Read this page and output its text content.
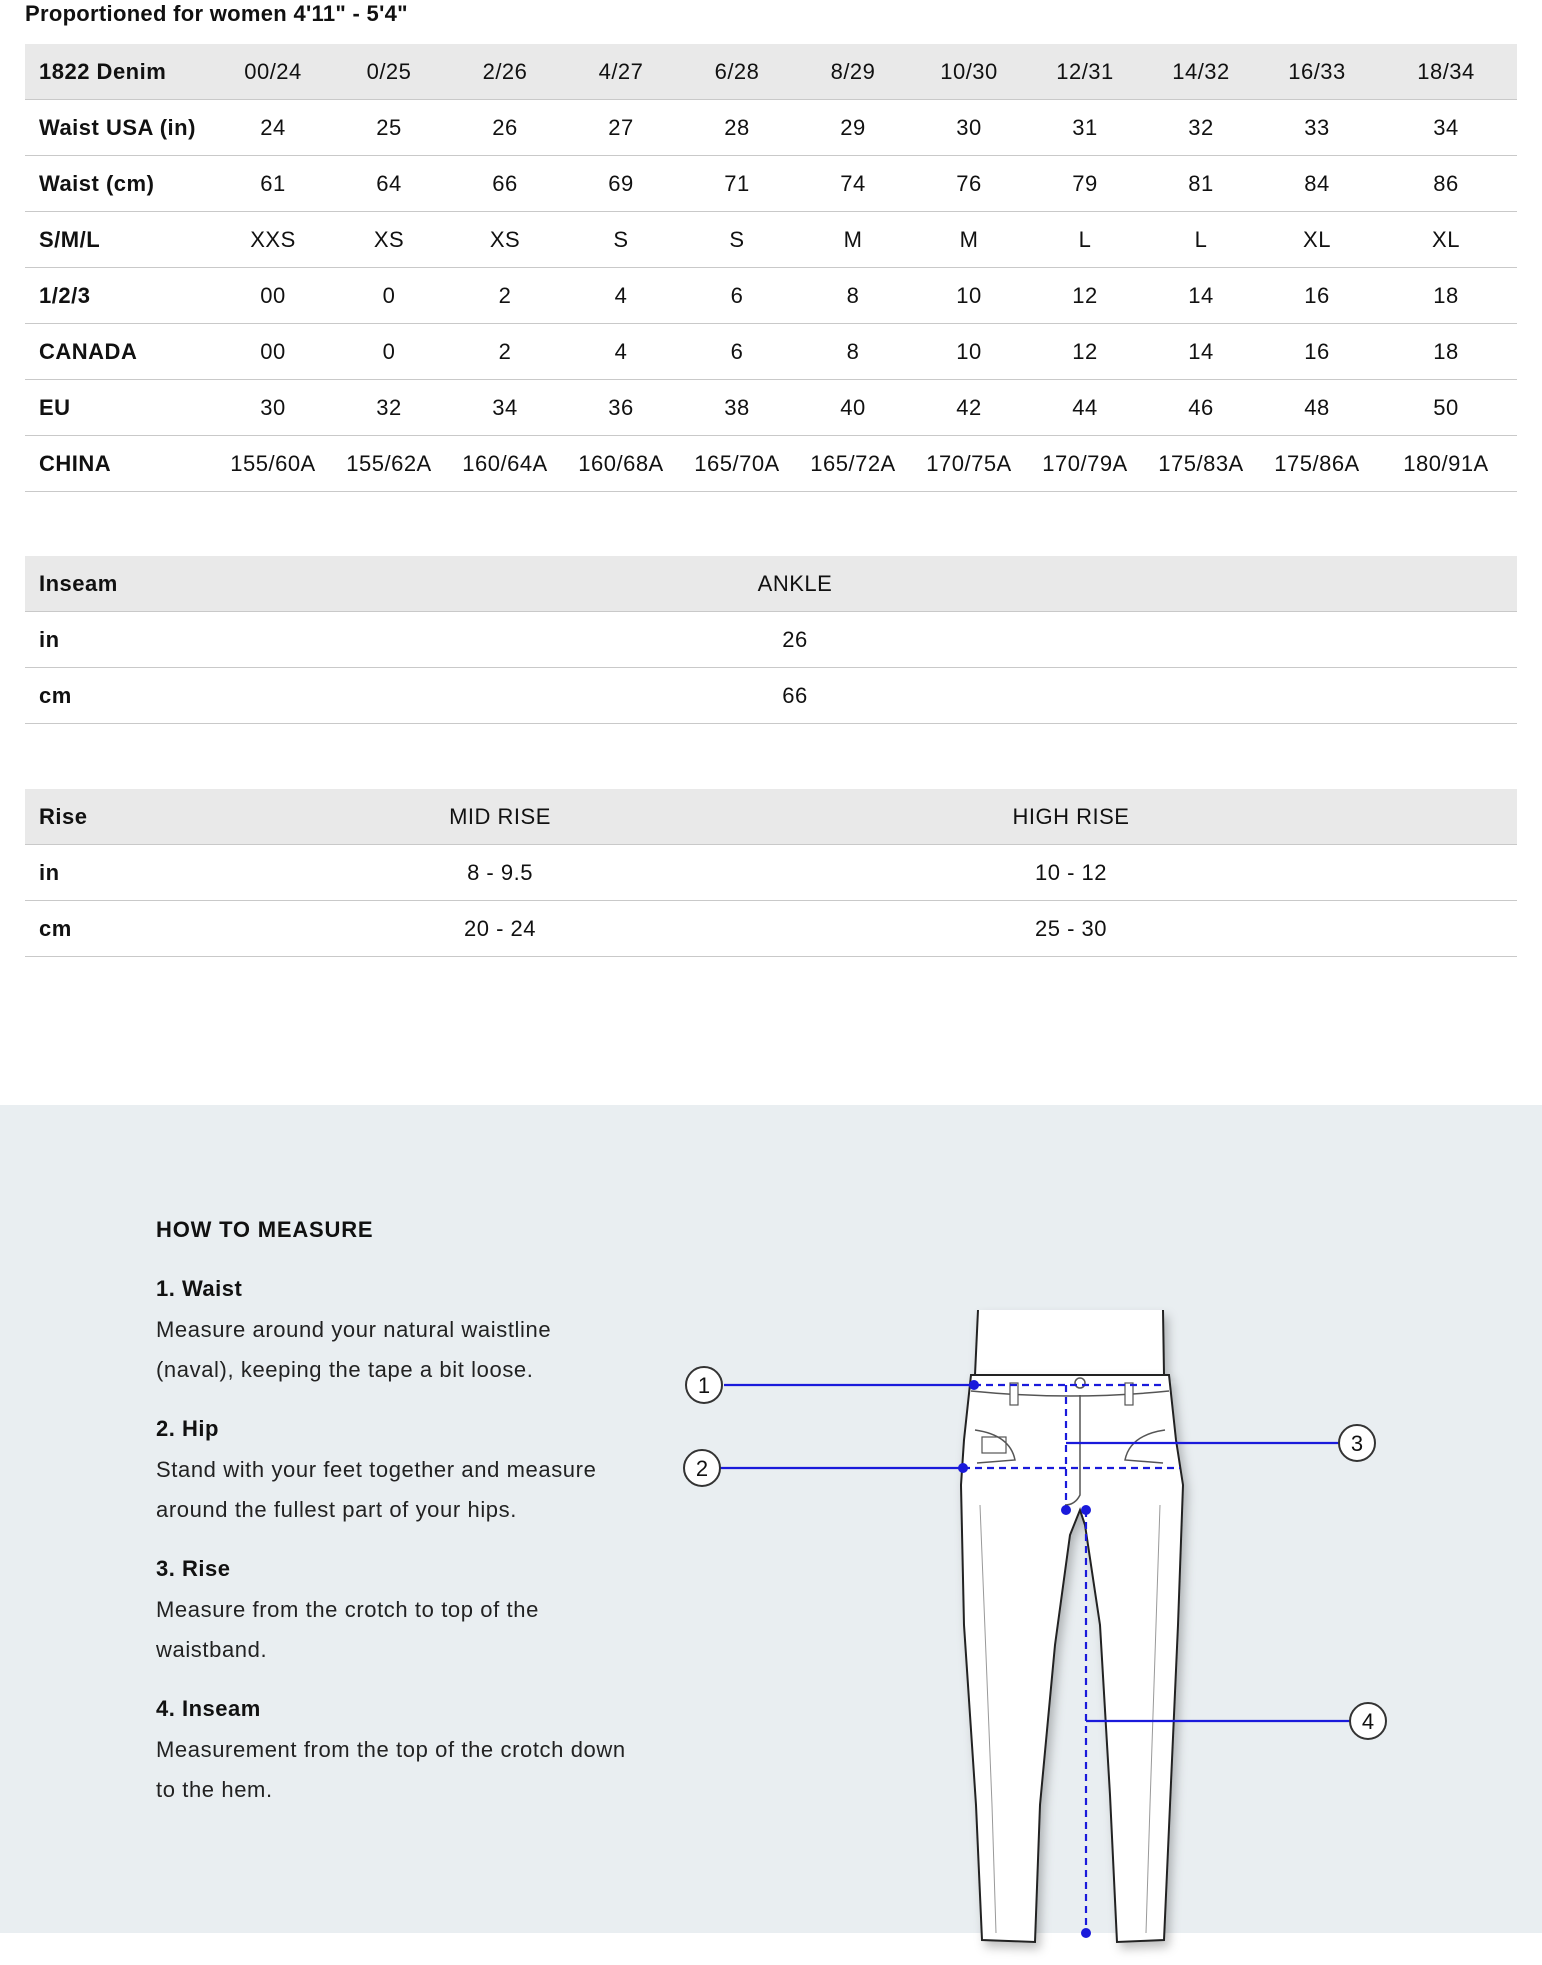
Proportioned for women 4'11" - 5'4"
1822 Denim	00/24	0/25	2/26	4/27	6/28	8/29	10/30	12/31	14/32	16/33	18/34
Waist USA (in)	24	25	26	27	28	29	30	31	32	33	34
Waist (cm)	61	64	66	69	71	74	76	79	81	84	86
S/M/L	XXS	XS	XS	S	S	M	M	L	L	XL	XL
1/2/3	00	0	2	4	6	8	10	12	14	16	18
CANADA	00	0	2	4	6	8	10	12	14	16	18
EU	30	32	34	36	38	40	42	44	46	48	50
CHINA	155/60A	155/62A	160/64A	160/68A	165/70A	165/72A	170/75A	170/79A	175/83A	175/86A	180/91A
Inseam	ANKLE	
in	26	
cm	66	
Rise	MID RISE	HIGH RISE	
in	8 - 9.5	10 - 12	
cm	20 - 24	25 - 30	
HOW TO MEASURE
1. Waist

Measure around your natural waistline (naval), keeping the tape a bit loose.

2. Hip

Stand with your feet together and measure around the fullest part of your hips.

3. Rise

Measure from the crotch to top of the waistband.

4. Inseam

Measurement from the top of the crotch down to the hem.

1
2
3
4
